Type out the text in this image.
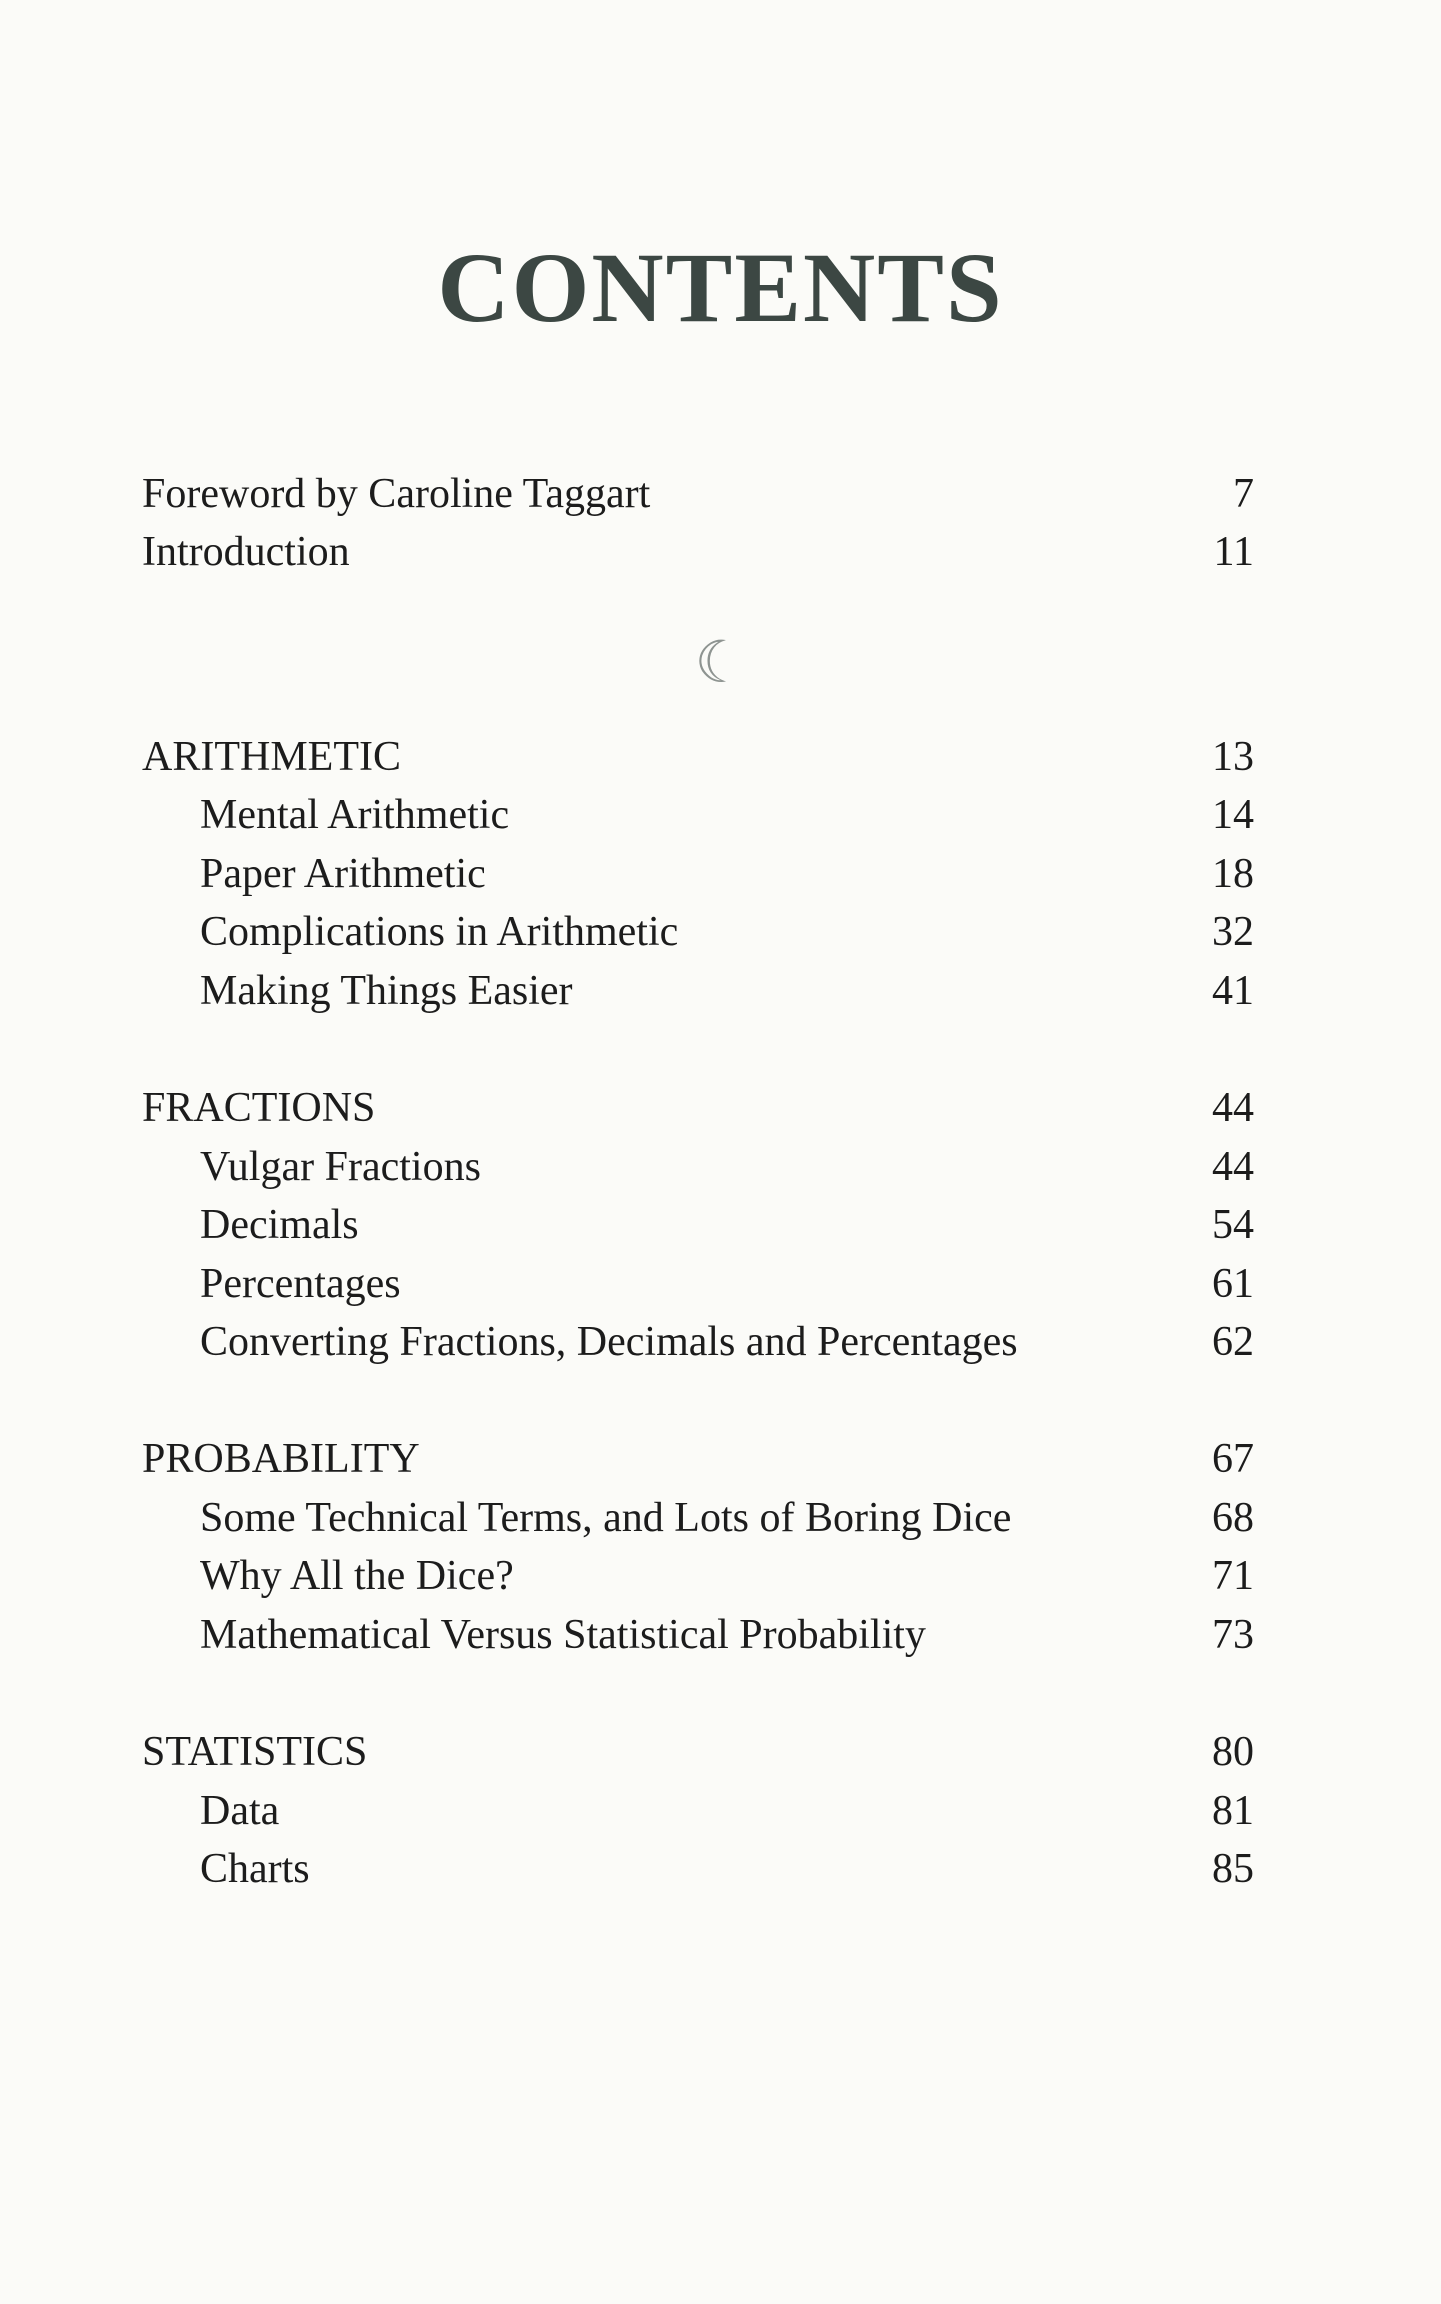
CONTENTS
Foreword by Caroline Taggart	7
Introduction	11
☾
ARITHMETIC	13
Mental Arithmetic	14
Paper Arithmetic	18
Complications in Arithmetic	32
Making Things Easier	41
FRACTIONS	44
Vulgar Fractions	44
Decimals	54
Percentages	61
Converting Fractions, Decimals and Percentages	62
PROBABILITY	67
Some Technical Terms, and Lots of Boring Dice	68
Why All the Dice?	71
Mathematical Versus Statistical Probability	73
STATISTICS	80
Data	81
Charts	85
